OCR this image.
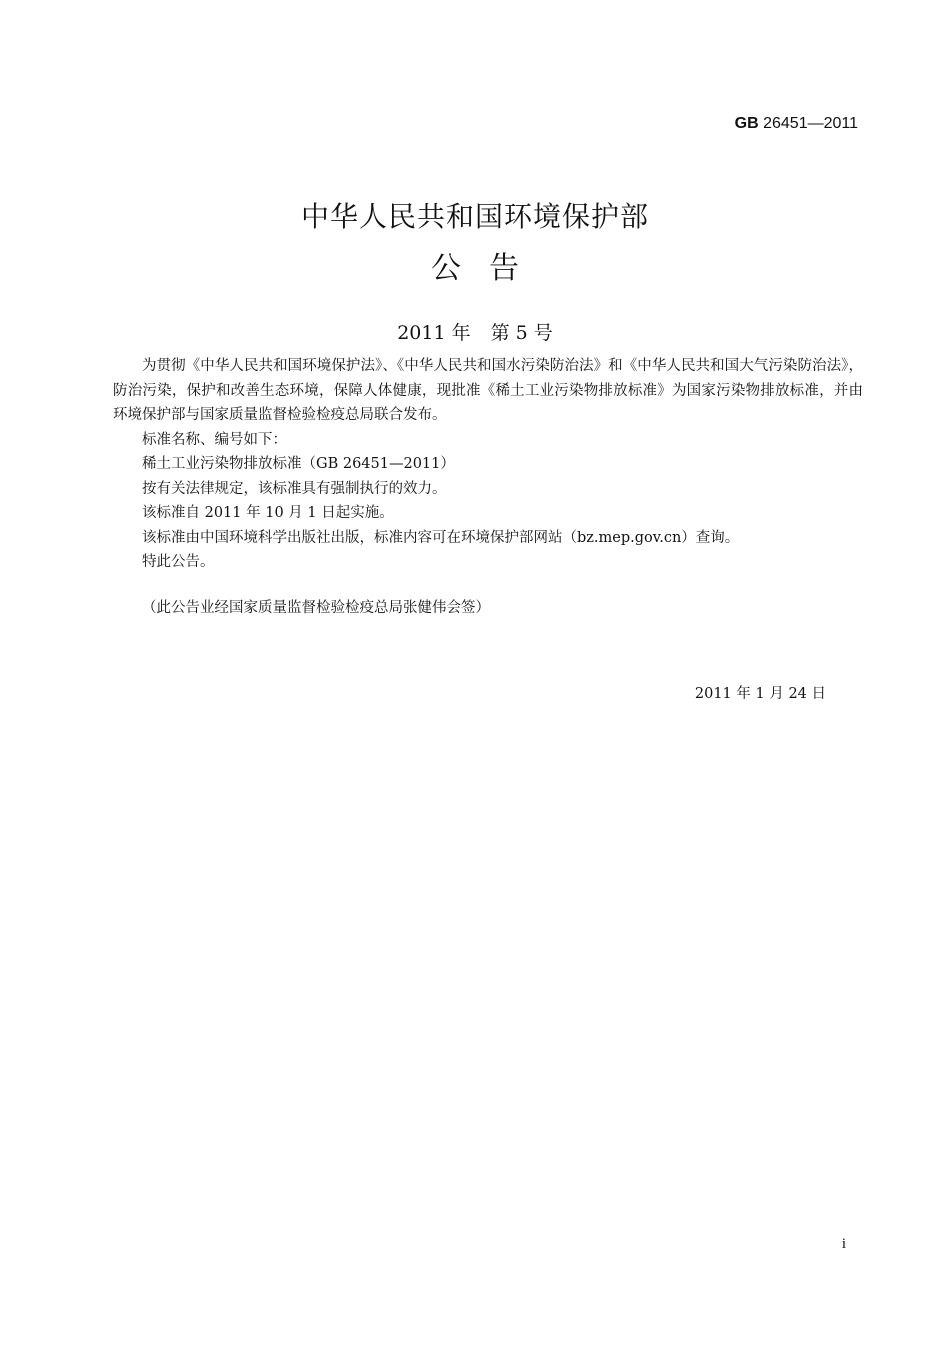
GB 26451—2011
中华人民共和国环境保护部
公告
2011 年 第 5 号

为贯彻《中华人民共和国环境保护法》、《中华人民共和国水污染防治法》和《中华人民共和国大气污染防治法》，防治污染，保护和改善生态环境，保障人体健康，现批准《稀土工业污染物排放标准》为国家污染物排放标准，并由环境保护部与国家质量监督检验检疫总局联合发布。

标准名称、编号如下：

稀土工业污染物排放标准（GB 26451—2011）

按有关法律规定，该标准具有强制执行的效力。

该标准自 2011 年 10 月 1 日起实施。

该标准由中国环境科学出版社出版，标准内容可在环境保护部网站（bz.mep.gov.cn）查询。

特此公告。

（此公告业经国家质量监督检验检疫总局张健伟会签）

2011 年 1 月 24 日
i
